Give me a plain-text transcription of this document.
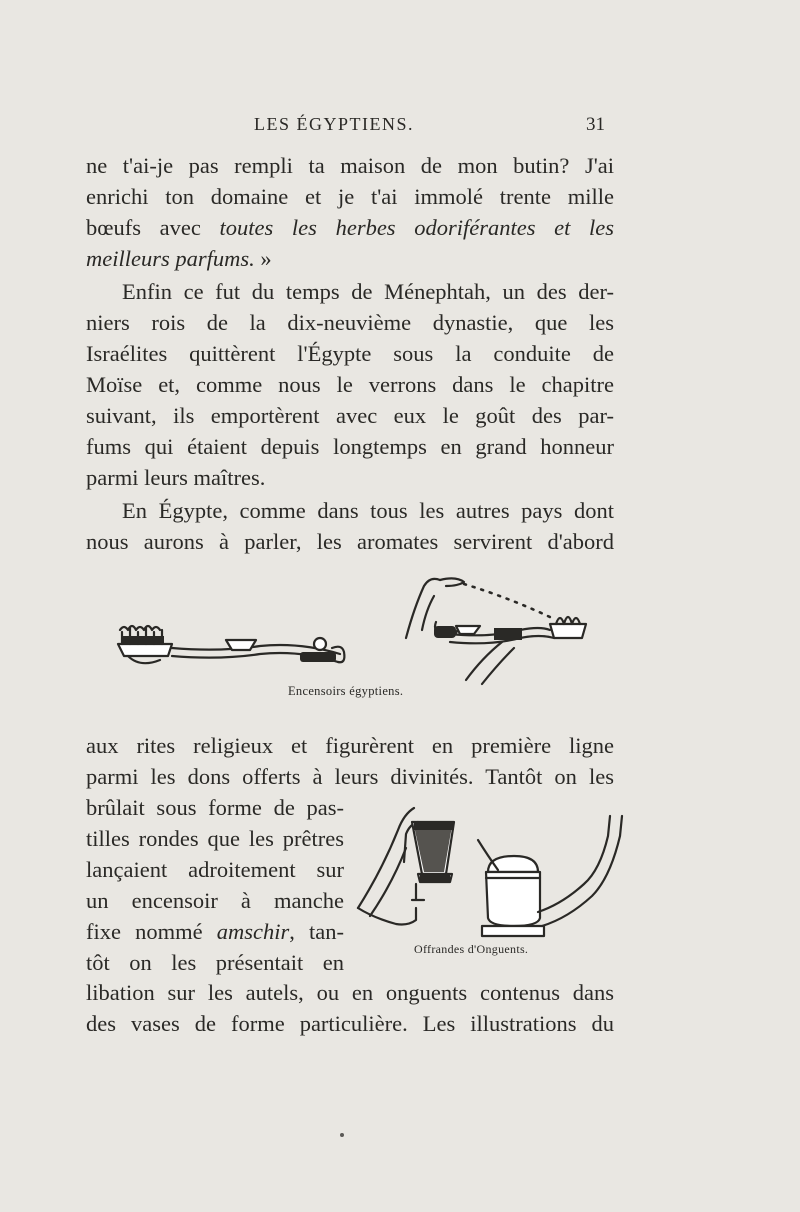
LES ÉGYPTIENS.	31
ne t'ai-je pas rempli ta maison de mon butin? J'ai
enrichi ton domaine et je t'ai immolé trente mille
bœufs avec toutes les herbes odoriférantes et les
meilleurs parfums. »
Enfin ce fut du temps de Ménephtah, un des der-
niers rois de la dix-neuvième dynastie, que les
Israélites quittèrent l'Égypte sous la conduite de
Moïse et, comme nous le verrons dans le chapitre
suivant, ils emportèrent avec eux le goût des par-
fums qui étaient depuis longtemps en grand honneur
parmi leurs maîtres.
En Égypte, comme dans tous les autres pays dont
nous aurons à parler, les aromates servirent d'abord
Encensoirs égyptiens.
aux rites religieux et figurèrent en première ligne
parmi les dons offerts à leurs divinités. Tantôt on les
brûlait sous forme de pas-
tilles rondes que les prêtres
lançaient adroitement sur
un encensoir à manche
fixe nommé amschir, tan-
tôt on les présentait en
Offrandes d'Onguents.
libation sur les autels, ou en onguents contenus dans
des vases de forme particulière. Les illustrations du
